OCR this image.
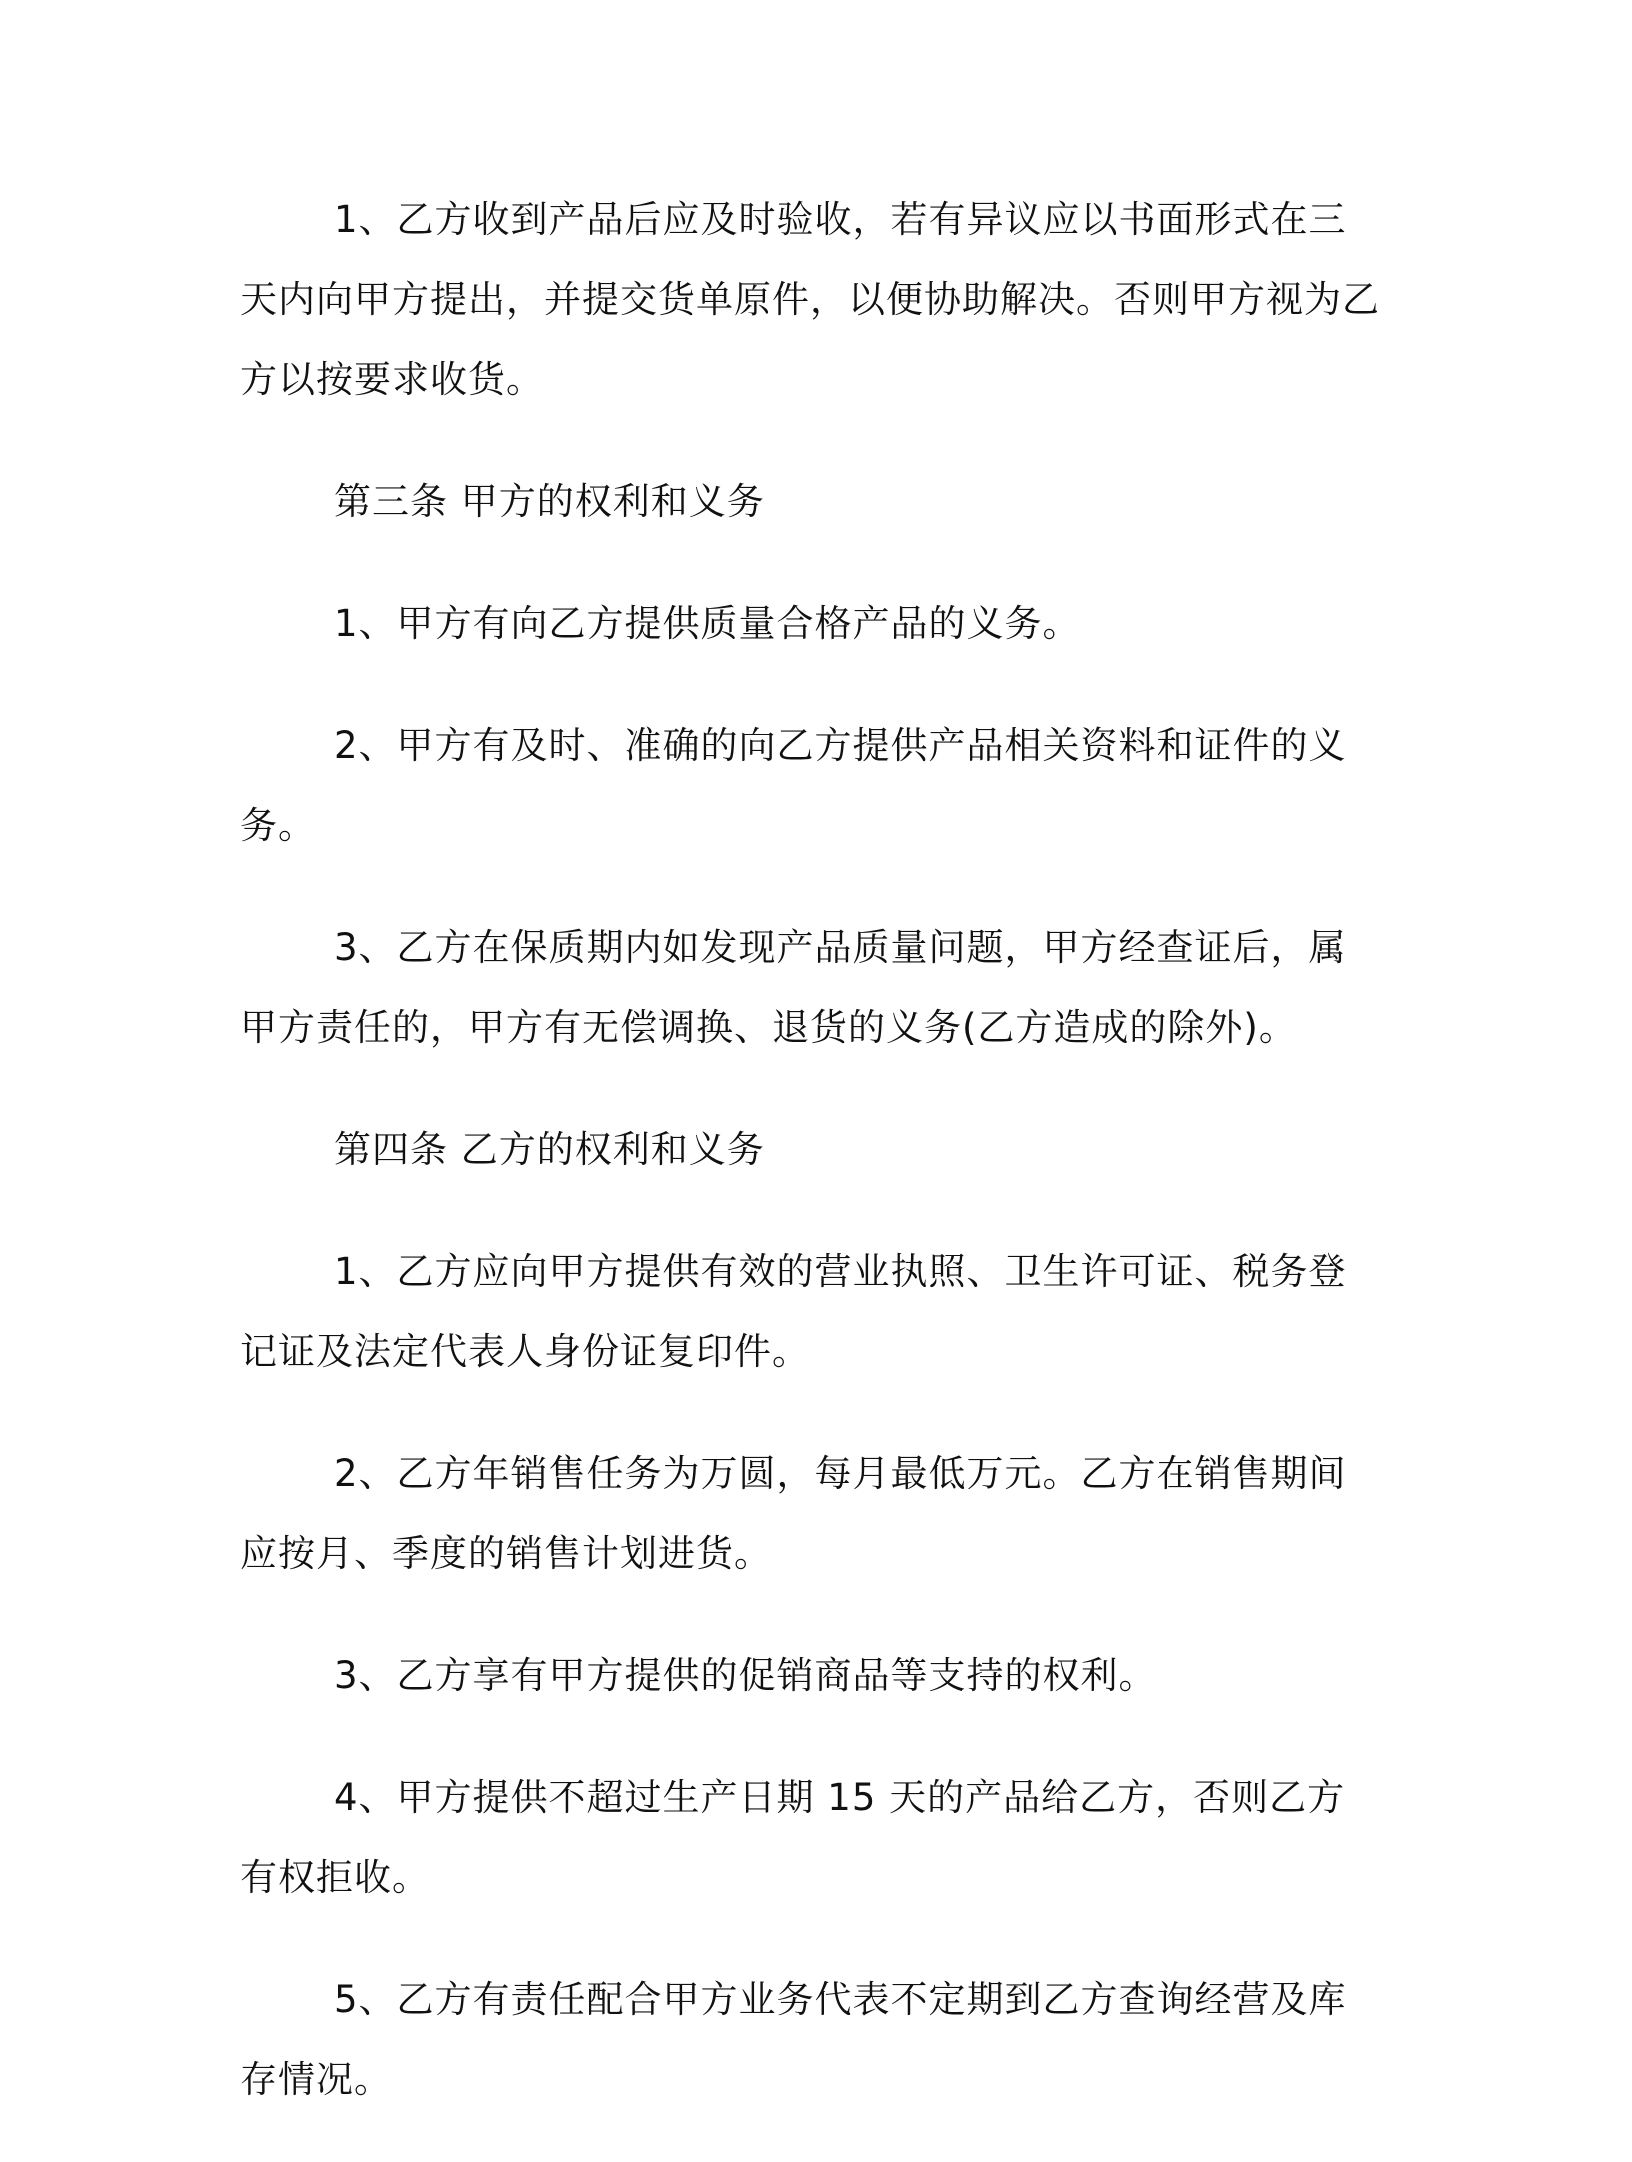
1、乙方收到产品后应及时验收，若有异议应以书面形式在三天内向甲方提出，并提交货单原件，以便协助解决。否则甲方视为乙方以按要求收货。

第三条 甲方的权利和义务

1、甲方有向乙方提供质量合格产品的义务。

2、甲方有及时、准确的向乙方提供产品相关资料和证件的义务。

3、乙方在保质期内如发现产品质量问题，甲方经查证后，属甲方责任的，甲方有无偿调换、退货的义务(乙方造成的除外)。

第四条 乙方的权利和义务

1、乙方应向甲方提供有效的营业执照、卫生许可证、税务登记证及法定代表人身份证复印件。

2、乙方年销售任务为万圆，每月最低万元。乙方在销售期间应按月、季度的销售计划进货。

3、乙方享有甲方提供的促销商品等支持的权利。

4、甲方提供不超过生产日期 15 天的产品给乙方，否则乙方有权拒收。

5、乙方有责任配合甲方业务代表不定期到乙方查询经营及库存情况。
